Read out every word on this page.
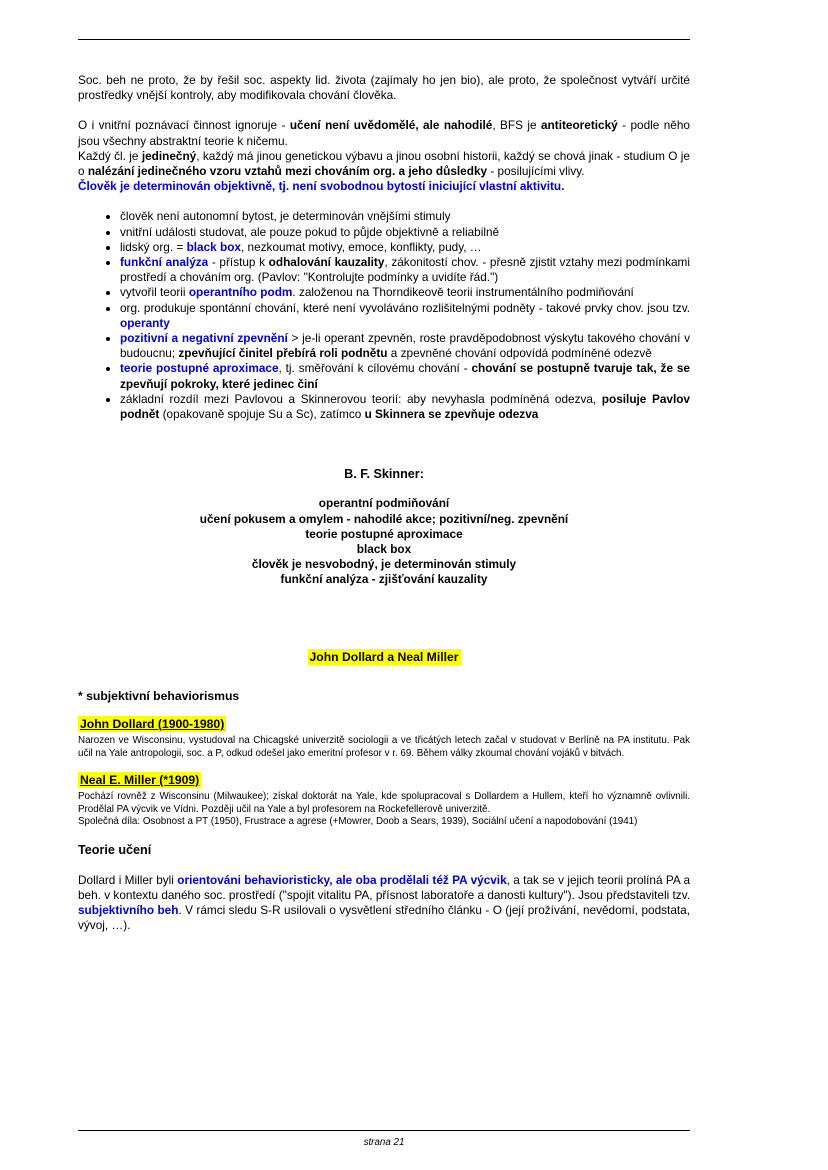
Soc. beh ne proto, že by řešil soc. aspekty lid. života (zajímaly ho jen bio), ale proto, že společnost vytváří určité prostředky vnější kontroly, aby modifikovala chování člověka.

O i vnitřní poznávací činnost ignoruje - učení není uvědomělé, ale nahodilé, BFS je antiteoretický - podle něho jsou všechny abstraktní teorie k ničemu.

Každý čl. je jedinečný, každý má jinou genetickou výbavu a jinou osobní historii, každý se chová jinak - studium O je o nalézání jedinečného vzoru vztahů mezi chováním org. a jeho důsledky - posilujícími vlivy.

Člověk je determinován objektivně, tj. není svobodnou bytostí iniciující vlastní aktivitu.

• člověk není autonomní bytost, je determinován vnějšími stimuly
• vnitřní události studovat, ale pouze pokud to půjde objektivně a reliabilně
• lidský org. = black box, nezkoumat motivy, emoce, konflikty, pudy, …
• funkční analýza - přístup k odhalování kauzality, zákonitostí chov. - přesně zjistit vztahy mezi podmínkami prostředí a chováním org. (Pavlov: "Kontrolujte podmínky a uvidíte řád.")
• vytvořil teorii operantního podm. založenou na Thorndikeově teorii instrumentálního podmiňování
• org. produkuje spontánní chování, které není vyvoláváno rozlišitelnými podněty - takové prvky chov. jsou tzv. operanty
• pozitivní a negativní zpevnění > je-li operant zpevněn, roste pravděpodobnost výskytu takového chování v budoucnu; zpevňující činitel přebírá roli podnětu a zpevněné chování odpovídá podmíněné odezvě
• teorie postupné aproximace, tj. směřování k cílovému chování - chování se postupně tvaruje tak, že se zpevňují pokroky, které jedinec činí
• základní rozdíl mezi Pavlovou a Skinnerovou teorií: aby nevyhasla podmíněná odezva, posiluje Pavlov podnět (opakovaně spojuje Su a Sc), zatímco u Skinnera se zpevňuje odezva
B. F. Skinner:
operantní podmiňování
učení pokusem a omylem - nahodilé akce; pozitivní/neg. zpevnění
teorie postupné aproximace
black box
člověk je nesvobodný, je determinován stimuly
funkční analýza - zjišťování kauzality
John Dollard a Neal Miller

* subjektivní behaviorismus

John Dollard (1900-1980)

Narozen ve Wisconsinu, vystudoval na Chicagské univerzitě sociologii a ve třicátých letech začal v studovat v Berlíně na PA institutu. Pak učil na Yale antropologii, soc. a P, odkud odešel jako emeritní profesor v r. 69. Během války zkoumal chování vojáků v bitvách.

Neal E. Miller (*1909)

Pochází rovněž z Wisconsinu (Milwaukee); získal doktorát na Yale, kde spolupracoval s Dollardem a Hullem, kteří ho významně ovlivnili. Prodělal PA výcvik ve Vídni. Později učil na Yale a byl profesorem na Rockefellerově univerzitě.

Společná díla: Osobnost a PT (1950), Frustrace a agrese (+Mowrer, Doob a Sears, 1939), Sociální učení a napodobování (1941)

Teorie učení

Dollard i Miller byli orientováni behavioristicky, ale oba prodělali též PA výcvik, a tak se v jejich teorii prolíná PA a beh. v kontextu daného soc. prostředí ("spojit vitalitu PA, přísnost laboratoře a danosti kultury"). Jsou představiteli tzv. subjektivního beh. V rámci sledu S-R usilovali o vysvětlení středního článku - O (její prožívání, nevědomí, podstata, vývoj, …).

strana 21
